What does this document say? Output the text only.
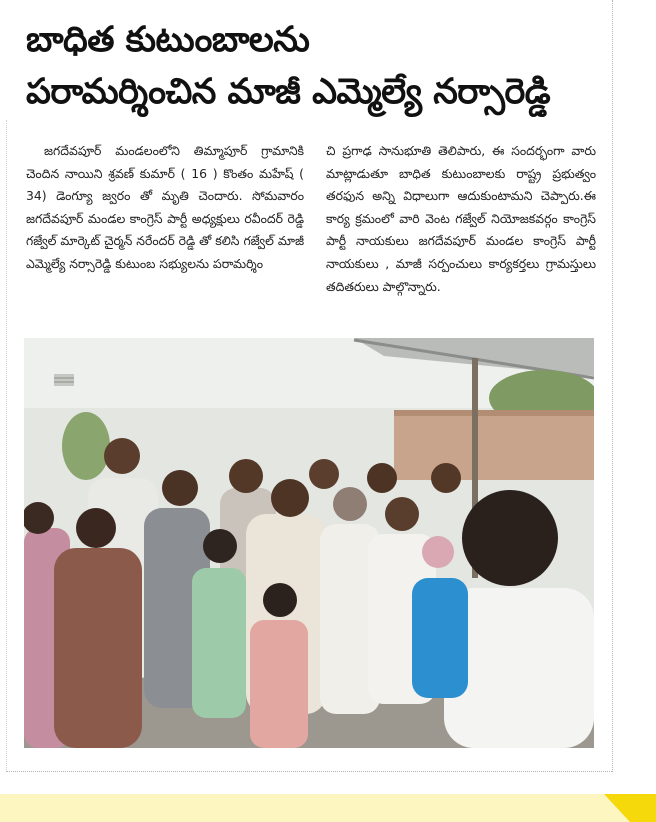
బాధిత కుటుంబాలను
పరామర్శించిన మాజీ ఎమ్మెల్యే నర్సారెడ్డి
జగదేవపూర్ మండలంలోని తిమ్మాపూర్ గ్రామానికి చెందిన నాయిని శ్రవణ్ కుమార్ ( 16 ) కొంతం మహేష్ ( 34) డెంగ్యూ జ్వరం తో మృతి చెందారు. సోమవారం జగదేవపూర్ మండల కాంగ్రెస్ పార్టీ అధ్యక్షులు రవీందర్ రెడ్డి గజ్వేల్ మార్కెట్ చైర్మన్ నరేందర్ రెడ్డి తో కలిసి గజ్వేల్ మాజీ ఎమ్మెల్యే నర్సారెడ్డి కుటుంబ సభ్యులను పరామర్శిం
చి ప్రగాఢ సానుభూతి తెలిపారు, ఈ సందర్భంగా వారు మాట్లాడుతూ బాధిత కుటుంబాలకు రాష్ట్ర ప్రభుత్వం తరఫున అన్ని విధాలుగా ఆదుకుంటామని చెప్పారు.ఈ కార్య క్రమంలో వారి వెంట గజ్వేల్ నియోజకవర్గం కాంగ్రెస్ పార్టీ నాయకులు జగదేవపూర్ మండల కాంగ్రెస్ పార్టీ నాయకులు , మాజీ సర్పంచులు కార్యకర్తలు గ్రామస్తులు తదితరులు పాల్గొన్నారు.
